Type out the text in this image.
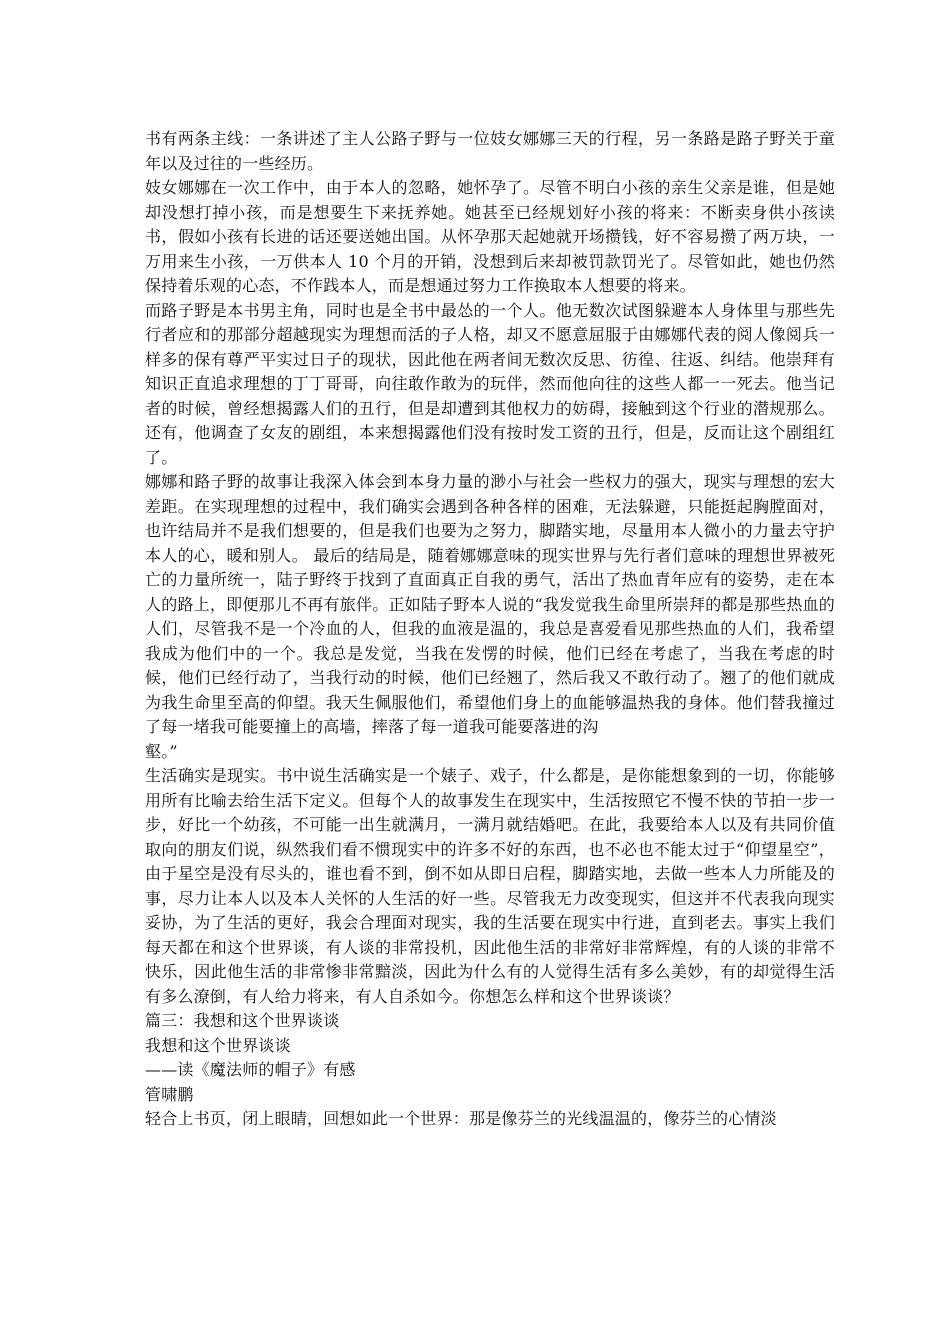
书有两条主线：一条讲述了主人公路子野与一位妓女娜娜三天的行程，另一条路是路子野关于童年以及过往的一些经历。

妓女娜娜在一次工作中，由于本人的忽略，她怀孕了。尽管不明白小孩的亲生父亲是谁，但是她却没想打掉小孩，而是想要生下来抚养她。她甚至已经规划好小孩的将来：不断卖身供小孩读书，假如小孩有长进的话还要送她出国。从怀孕那天起她就开场攒钱，好不容易攒了两万块，一万用来生小孩，一万供本人 10 个月的开销，没想到后来却被罚款罚光了。尽管如此，她也仍然保持着乐观的心态，不作践本人，而是想通过努力工作换取本人想要的将来。

而路子野是本书男主角，同时也是全书中最怂的一个人。他无数次试图躲避本人身体里与那些先行者应和的那部分超越现实为理想而活的子人格，却又不愿意屈服于由娜娜代表的阅人像阅兵一样多的保有尊严平实过日子的现状，因此他在两者间无数次反思、彷徨、往返、纠结。他崇拜有知识正直追求理想的丁丁哥哥，向往敢作敢为的玩伴，然而他向往的这些人都一一死去。他当记者的时候，曾经想揭露人们的丑行，但是却遭到其他权力的妨碍，接触到这个行业的潜规那么。还有，他调查了女友的剧组，本来想揭露他们没有按时发工资的丑行，但是，反而让这个剧组红了。

娜娜和路子野的故事让我深入体会到本身力量的渺小与社会一些权力的强大，现实与理想的宏大差距。在实现理想的过程中，我们确实会遇到各种各样的困难，无法躲避，只能挺起胸膛面对，也许结局并不是我们想要的，但是我们也要为之努力，脚踏实地，尽量用本人微小的力量去守护本人的心，暖和别人。 最后的结局是，随着娜娜意味的现实世界与先行者们意味的理想世界被死亡的力量所统一，陆子野终于找到了直面真正自我的勇气，活出了热血青年应有的姿势，走在本人的路上，即便那儿不再有旅伴。正如陆子野本人说的“我发觉我生命里所崇拜的都是那些热血的人们，尽管我不是一个冷血的人，但我的血液是温的，我总是喜爱看见那些热血的人们，我希望我成为他们中的一个。我总是发觉，当我在发愣的时候，他们已经在考虑了，当我在考虑的时候，他们已经行动了，当我行动的时候，他们已经翘了，然后我又不敢行动了。翘了的他们就成为我生命里至高的仰望。我天生佩服他们，希望他们身上的血能够温热我的身体。他们替我撞过了每一堵我可能要撞上的高墙，摔落了每一道我可能要落进的沟

壑。”

生活确实是现实。书中说生活确实是一个婊子、戏子，什么都是，是你能想象到的一切，你能够用所有比喻去给生活下定义。但每个人的故事发生在现实中，生活按照它不慢不快的节拍一步一步，好比一个幼孩，不可能一出生就满月，一满月就结婚吧。在此，我要给本人以及有共同价值取向的朋友们说，纵然我们看不惯现实中的许多不好的东西，也不必也不能太过于“仰望星空”，由于星空是没有尽头的，谁也看不到，倒不如从即日启程，脚踏实地，去做一些本人力所能及的事，尽力让本人以及本人关怀的人生活的好一些。尽管我无力改变现实，但这并不代表我向现实妥协，为了生活的更好，我会合理面对现实，我的生活要在现实中行进，直到老去。事实上我们每天都在和这个世界谈，有人谈的非常投机，因此他生活的非常好非常辉煌，有的人谈的非常不快乐，因此他生活的非常惨非常黯淡，因此为什么有的人觉得生活有多么美妙，有的却觉得生活有多么潦倒，有人给力将来，有人自杀如今。你想怎么样和这个世界谈谈？

篇三：我想和这个世界谈谈

我想和这个世界谈谈

——读《魔法师的帽子》有感

管啸鹏

轻合上书页，闭上眼睛，回想如此一个世界：那是像芬兰的光线温温的，像芬兰的心情淡
